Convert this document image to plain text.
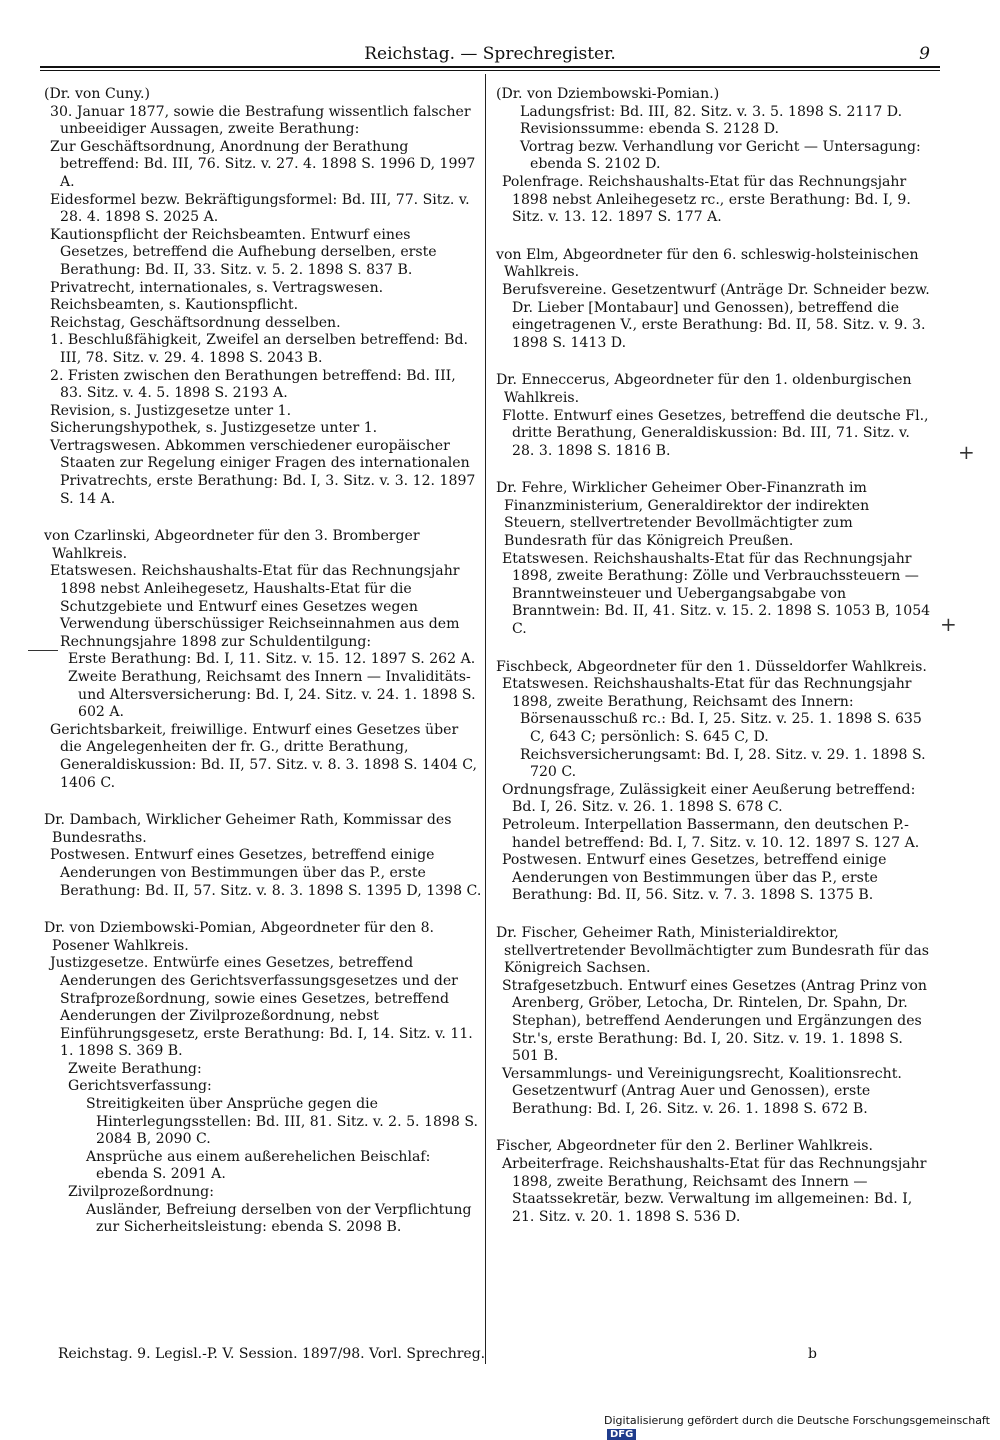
Reichstag. — Sprechregister.	9

(Dr. von Cuny.)

30. Januar 1877, sowie die Bestrafung wissentlich falscher unbeeidiger Aussagen, zweite Berathung:

Zur Geschäftsordnung, Anordnung der Berathung betreffend: Bd. III, 76. Sitz. v. 27. 4. 1898 S. 1996 D, 1997 A.

Eidesformel bezw. Bekräftigungsformel: Bd. III, 77. Sitz. v. 28. 4. 1898 S. 2025 A.

Kautionspflicht der Reichsbeamten. Entwurf eines Gesetzes, betreffend die Aufhebung derselben, erste Berathung: Bd. II, 33. Sitz. v. 5. 2. 1898 S. 837 B.

Privatrecht, internationales, s. Vertragswesen.

Reichsbeamten, s. Kautionspflicht.

Reichstag, Geschäftsordnung desselben.

1. Beschlußfähigkeit, Zweifel an derselben betreffend: Bd. III, 78. Sitz. v. 29. 4. 1898 S. 2043 B.

2. Fristen zwischen den Berathungen betreffend: Bd. III, 83. Sitz. v. 4. 5. 1898 S. 2193 A.

Revision, s. Justizgesetze unter 1.

Sicherungshypothek, s. Justizgesetze unter 1.

Vertragswesen. Abkommen verschiedener europäischer Staaten zur Regelung einiger Fragen des internationalen Privatrechts, erste Berathung: Bd. I, 3. Sitz. v. 3. 12. 1897 S. 14 A.

von Czarlinski, Abgeordneter für den 3. Bromberger Wahlkreis.

Etatswesen. Reichshaushalts-Etat für das Rechnungsjahr 1898 nebst Anleihegesetz, Haushalts-Etat für die Schutzgebiete und Entwurf eines Gesetzes wegen Verwendung überschüssiger Reichseinnahmen aus dem Rechnungsjahre 1898 zur Schuldentilgung:

Erste Berathung: Bd. I, 11. Sitz. v. 15. 12. 1897 S. 262 A.

Zweite Berathung, Reichsamt des Innern — Invaliditäts- und Altersversicherung: Bd. I, 24. Sitz. v. 24. 1. 1898 S. 602 A.

Gerichtsbarkeit, freiwillige. Entwurf eines Gesetzes über die Angelegenheiten der fr. G., dritte Berathung, Generaldiskussion: Bd. II, 57. Sitz. v. 8. 3. 1898 S. 1404 C, 1406 C.

Dr. Dambach, Wirklicher Geheimer Rath, Kommissar des Bundesraths.

Postwesen. Entwurf eines Gesetzes, betreffend einige Aenderungen von Bestimmungen über das P., erste Berathung: Bd. II, 57. Sitz. v. 8. 3. 1898 S. 1395 D, 1398 C.

Dr. von Dziembowski-Pomian, Abgeordneter für den 8. Posener Wahlkreis.

Justizgesetze. Entwürfe eines Gesetzes, betreffend Aenderungen des Gerichtsverfassungsgesetzes und der Strafprozeßordnung, sowie eines Gesetzes, betreffend Aenderungen der Zivilprozeßordnung, nebst Einführungsgesetz, erste Berathung: Bd. I, 14. Sitz. v. 11. 1. 1898 S. 369 B.

Zweite Berathung:

Gerichtsverfassung:

Streitigkeiten über Ansprüche gegen die Hinterlegungsstellen: Bd. III, 81. Sitz. v. 2. 5. 1898 S. 2084 B, 2090 C.

Ansprüche aus einem außerehelichen Beischlaf: ebenda S. 2091 A.

Zivilprozeßordnung:

Ausländer, Befreiung derselben von der Verpflichtung zur Sicherheitsleistung: ebenda S. 2098 B.

(Dr. von Dziembowski-Pomian.)

Ladungsfrist: Bd. III, 82. Sitz. v. 3. 5. 1898 S. 2117 D.

Revisionssumme: ebenda S. 2128 D.

Vortrag bezw. Verhandlung vor Gericht — Untersagung: ebenda S. 2102 D.

Polenfrage. Reichshaushalts-Etat für das Rechnungsjahr 1898 nebst Anleihegesetz rc., erste Berathung: Bd. I, 9. Sitz. v. 13. 12. 1897 S. 177 A.

von Elm, Abgeordneter für den 6. schleswig-holsteinischen Wahlkreis.

Berufsvereine. Gesetzentwurf (Anträge Dr. Schneider bezw. Dr. Lieber [Montabaur] und Genossen), betreffend die eingetragenen V., erste Berathung: Bd. II, 58. Sitz. v. 9. 3. 1898 S. 1413 D.

Dr. Enneccerus, Abgeordneter für den 1. oldenburgischen Wahlkreis.

Flotte. Entwurf eines Gesetzes, betreffend die deutsche Fl., dritte Berathung, Generaldiskussion: Bd. III, 71. Sitz. v. 28. 3. 1898 S. 1816 B.

Dr. Fehre, Wirklicher Geheimer Ober-Finanzrath im Finanzministerium, Generaldirektor der indirekten Steuern, stellvertretender Bevollmächtigter zum Bundesrath für das Königreich Preußen.

Etatswesen. Reichshaushalts-Etat für das Rechnungsjahr 1898, zweite Berathung: Zölle und Verbrauchssteuern — Branntweinsteuer und Uebergangsabgabe von Branntwein: Bd. II, 41. Sitz. v. 15. 2. 1898 S. 1053 B, 1054 C.

Fischbeck, Abgeordneter für den 1. Düsseldorfer Wahlkreis.

Etatswesen. Reichshaushalts-Etat für das Rechnungsjahr 1898, zweite Berathung, Reichsamt des Innern:

Börsenausschuß rc.: Bd. I, 25. Sitz. v. 25. 1. 1898 S. 635 C, 643 C; persönlich: S. 645 C, D.

Reichsversicherungsamt: Bd. I, 28. Sitz. v. 29. 1. 1898 S. 720 C.

Ordnungsfrage, Zulässigkeit einer Aeußerung betreffend: Bd. I, 26. Sitz. v. 26. 1. 1898 S. 678 C.

Petroleum. Interpellation Bassermann, den deutschen P.-handel betreffend: Bd. I, 7. Sitz. v. 10. 12. 1897 S. 127 A.

Postwesen. Entwurf eines Gesetzes, betreffend einige Aenderungen von Bestimmungen über das P., erste Berathung: Bd. II, 56. Sitz. v. 7. 3. 1898 S. 1375 B.

Dr. Fischer, Geheimer Rath, Ministerialdirektor, stellvertretender Bevollmächtigter zum Bundesrath für das Königreich Sachsen.

Strafgesetzbuch. Entwurf eines Gesetzes (Antrag Prinz von Arenberg, Gröber, Letocha, Dr. Rintelen, Dr. Spahn, Dr. Stephan), betreffend Aenderungen und Ergänzungen des Str.'s, erste Berathung: Bd. I, 20. Sitz. v. 19. 1. 1898 S. 501 B.

Versammlungs- und Vereinigungsrecht, Koalitionsrecht. Gesetzentwurf (Antrag Auer und Genossen), erste Berathung: Bd. I, 26. Sitz. v. 26. 1. 1898 S. 672 B.

Fischer, Abgeordneter für den 2. Berliner Wahlkreis.

Arbeiterfrage. Reichshaushalts-Etat für das Rechnungsjahr 1898, zweite Berathung, Reichsamt des Innern — Staatssekretär, bezw. Verwaltung im allgemeinen: Bd. I, 21. Sitz. v. 20. 1. 1898 S. 536 D.

+
+
Reichstag. 9. Legisl.-P. V. Session. 1897/98. Vorl. Sprechreg.	b
Digitalisierung gefördert durch die Deutsche Forschungsgemeinschaft DFG
